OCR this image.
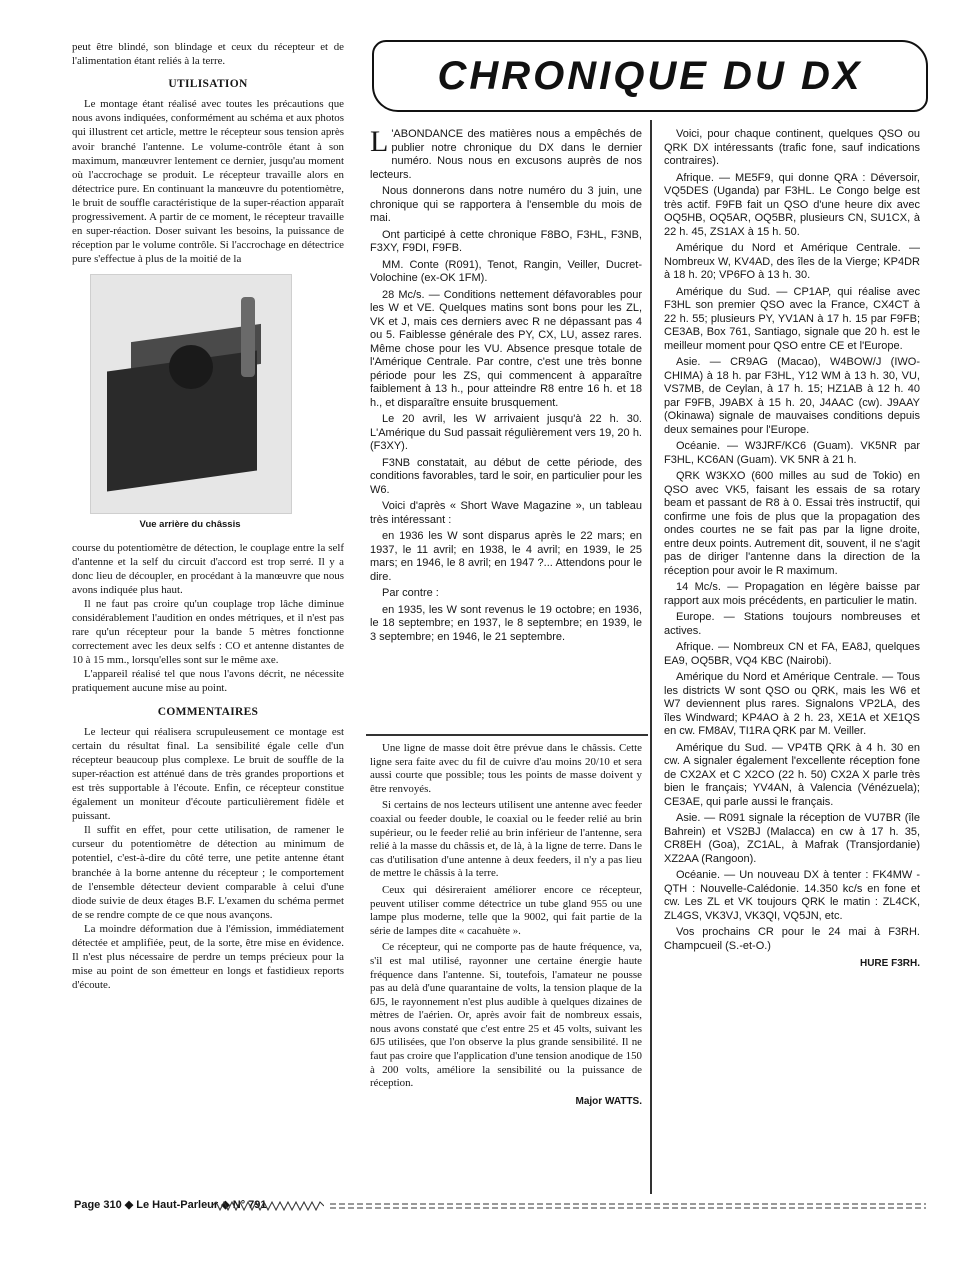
peut être blindé, son blindage et ceux du récepteur et de l'alimentation étant reliés à la terre.

UTILISATION

Le montage étant réalisé avec toutes les précautions que nous avons indiquées, conformément au schéma et aux photos qui illustrent cet article, mettre le récepteur sous tension après avoir branché l'antenne. Le volume-contrôle étant à son maximum, manœuvrer lentement ce dernier, jusqu'au moment où l'accrochage se produit. Le récepteur travaille alors en détectrice pure. En continuant la manœuvre du potentiomètre, le bruit de souffle caractéristique de la super-réaction apparaît progressivement. A partir de ce moment, le récepteur travaille en super-réaction. Doser suivant les besoins, la puissance de réception par le volume contrôle. Si l'accrochage en détectrice pure s'effectue à plus de la moitié de la

Vue arrière du châssis

course du potentiomètre de détection, le couplage entre la self d'antenne et la self du circuit d'accord est trop serré. Il y a donc lieu de découpler, en procédant à la manœuvre que nous avons indiquée plus haut.

Il ne faut pas croire qu'un couplage trop lâche diminue considérablement l'audition en ondes métriques, et il n'est pas rare qu'un récepteur pour la bande 5 mètres fonctionne correctement avec les deux selfs : CO et antenne distantes de 10 à 15 mm., lorsqu'elles sont sur le même axe.

L'appareil réalisé tel que nous l'avons décrit, ne nécessite pratiquement aucune mise au point.

COMMENTAIRES

Le lecteur qui réalisera scrupuleusement ce montage est certain du résultat final. La sensibilité égale celle d'un récepteur beaucoup plus complexe. Le bruit de souffle de la super-réaction est atténué dans de très grandes proportions et est très supportable à l'écoute. Enfin, ce récepteur constitue également un moniteur d'écoute particulièrement fidèle et puissant.

Il suffit en effet, pour cette utilisation, de ramener le curseur du potentiomètre de détection au minimum de potentiel, c'est-à-dire du côté terre, une petite antenne étant branchée à la borne antenne du récepteur ; le comportement de l'ensemble détecteur devient comparable à celui d'une diode suivie de deux étages B.F. L'examen du schéma permet de se rendre compte de ce que nous avançons.

La moindre déformation due à l'émission, immédiatement détectée et amplifiée, peut, de la sorte, être mise en évidence. Il n'est plus nécessaire de perdre un temps précieux pour la mise au point de son émetteur en longs et fastidieux reports d'écoute.

CHRONIQUE DU DX

L 'ABONDANCE des matières nous a empêchés de publier notre chronique du DX dans le dernier numéro. Nous nous en excusons auprès de nos lecteurs.

Nous donnerons dans notre numéro du 3 juin, une chronique qui se rapportera à l'ensemble du mois de mai.

Ont participé à cette chronique F8BO, F3HL, F3NB, F3XY, F9DI, F9FB.

MM. Conte (R091), Tenot, Rangin, Veiller, Ducret-Volochine (ex-OK 1FM).

28 Mc/s. — Conditions nettement défavorables pour les W et VE. Quelques matins sont bons pour les ZL, VK et J, mais ces derniers avec R ne dépassant pas 4 ou 5. Faiblesse générale des PY, CX, LU, assez rares. Même chose pour les VU. Absence presque totale de l'Amérique Centrale. Par contre, c'est une très bonne période pour les ZS, qui commencent à apparaître faiblement à 13 h., pour atteindre R8 entre 16 h. et 18 h., et disparaître ensuite brusquement.

Le 20 avril, les W arrivaient jusqu'à 22 h. 30. L'Amérique du Sud passait régulièrement vers 19, 20 h. (F3XY).

F3NB constatait, au début de cette période, des conditions favorables, tard le soir, en particulier pour les W6.

Voici d'après « Short Wave Magazine », un tableau très intéressant :

en 1936 les W sont disparus après le 22 mars; en 1937, le 11 avril; en 1938, le 4 avril; en 1939, le 25 mars; en 1946, le 8 avril; en 1947 ?... Attendons pour le dire.

Par contre :

en 1935, les W sont revenus le 19 octobre; en 1936, le 18 septembre; en 1937, le 8 septembre; en 1939, le 3 septembre; en 1946, le 21 septembre.

Une ligne de masse doit être prévue dans le châssis. Cette ligne sera faite avec du fil de cuivre d'au moins 20/10 et sera aussi courte que possible; tous les points de masse doivent y être renvoyés.

Si certains de nos lecteurs utilisent une antenne avec feeder coaxial ou feeder double, le coaxial ou le feeder relié au brin supérieur, ou le feeder relié au brin inférieur de l'antenne, sera relié à la masse du châssis et, de là, à la ligne de terre. Dans le cas d'utilisation d'une antenne à deux feeders, il n'y a pas lieu de mettre le châssis à la terre.

Ceux qui désireraient améliorer encore ce récepteur, peuvent utiliser comme détectrice un tube gland 955 ou une lampe plus moderne, telle que la 9002, qui fait partie de la série de lampes dite « cacahuète ».

Ce récepteur, qui ne comporte pas de haute fréquence, va, s'il est mal utilisé, rayonner une certaine énergie haute fréquence dans l'antenne. Si, toutefois, l'amateur ne pousse pas au delà d'une quarantaine de volts, la tension plaque de la 6J5, le rayonnement n'est plus audible à quelques dizaines de mètres de l'aérien. Or, après avoir fait de nombreux essais, nous avons constaté que c'est entre 25 et 45 volts, suivant les 6J5 utilisées, que l'on observe la plus grande sensibilité. Il ne faut pas croire que l'application d'une tension anodique de 150 à 200 volts, améliore la sensibilité ou la puissance de réception.

Major WATTS.

Voici, pour chaque continent, quelques QSO ou QRK DX intéressants (trafic fone, sauf indications contraires).

Afrique. — ME5F9, qui donne QRA : Déversoir, VQ5DES (Uganda) par F3HL. Le Congo belge est très actif. F9FB fait un QSO d'une heure dix avec OQ5HB, OQ5AR, OQ5BR, plusieurs CN, SU1CX, à 22 h. 45, ZS1AX à 15 h. 50.

Amérique du Nord et Amérique Centrale. — Nombreux W, KV4AD, des îles de la Vierge; KP4DR à 18 h. 20; VP6FO à 13 h. 30.

Amérique du Sud. — CP1AP, qui réalise avec F3HL son premier QSO avec la France, CX4CT à 22 h. 55; plusieurs PY, YV1AN à 17 h. 15 par F9FB; CE3AB, Box 761, Santiago, signale que 20 h. est le meilleur moment pour QSO entre CE et l'Europe.

Asie. — CR9AG (Macao), W4BOW/J (IWO-CHIMA) à 18 h. par F3HL, Y12 WM à 13 h. 30, VU, VS7MB, de Ceylan, à 17 h. 15; HZ1AB à 12 h. 40 par F9FB, J9ABX à 15 h. 20, J4AAC (cw). J9AAY (Okinawa) signale de mauvaises conditions depuis deux semaines pour l'Europe.

Océanie. — W3JRF/KC6 (Guam). VK5NR par F3HL, KC6AN (Guam). VK 5NR à 21 h.

QRK W3KXO (600 milles au sud de Tokio) en QSO avec VK5, faisant les essais de sa rotary beam et passant de R8 à 0. Essai très instructif, qui confirme une fois de plus que la propagation des ondes courtes ne se fait pas par la ligne droite, entre deux points. Autrement dit, souvent, il ne s'agit pas de diriger l'antenne dans la direction de la réception pour avoir le R maximum.

14 Mc/s. — Propagation en légère baisse par rapport aux mois précédents, en particulier le matin.

Europe. — Stations toujours nombreuses et actives.

Afrique. — Nombreux CN et FA, EA8J, quelques EA9, OQ5BR, VQ4 KBC (Nairobi).

Amérique du Nord et Amérique Centrale. — Tous les districts W sont QSO ou QRK, mais les W6 et W7 deviennent plus rares. Signalons VP2LA, des îles Windward; KP4AO à 2 h. 23, XE1A et XE1QS en cw. FM8AV, TI1RA QRK par M. Veiller.

Amérique du Sud. — VP4TB QRK à 4 h. 30 en cw. A signaler également l'excellente réception fone de CX2AX et C X2CO (22 h. 50) CX2A X parle très bien le français; YV4AN, à Valencia (Vénézuela); CE3AE, qui parle aussi le français.

Asie. — R091 signale la réception de VU7BR (île Bahrein) et VS2BJ (Malacca) en cw à 17 h. 35, CR8EH (Goa), ZC1AL, à Mafrak (Transjordanie) XZ2AA (Rangoon).

Océanie. — Un nouveau DX à tenter : FK4MW - QTH : Nouvelle-Calédonie. 14.350 kc/s en fone et cw. Les ZL et VK toujours QRK le matin : ZL4CK, ZL4GS, VK3VJ, VK3QI, VQ5JN, etc.

Vos prochains CR pour le 24 mai à F3RH. Champcueil (S.-et-O.)

HURE F3RH.

Page 310 ◆ Le Haut-Parleur ◆ N° 791
